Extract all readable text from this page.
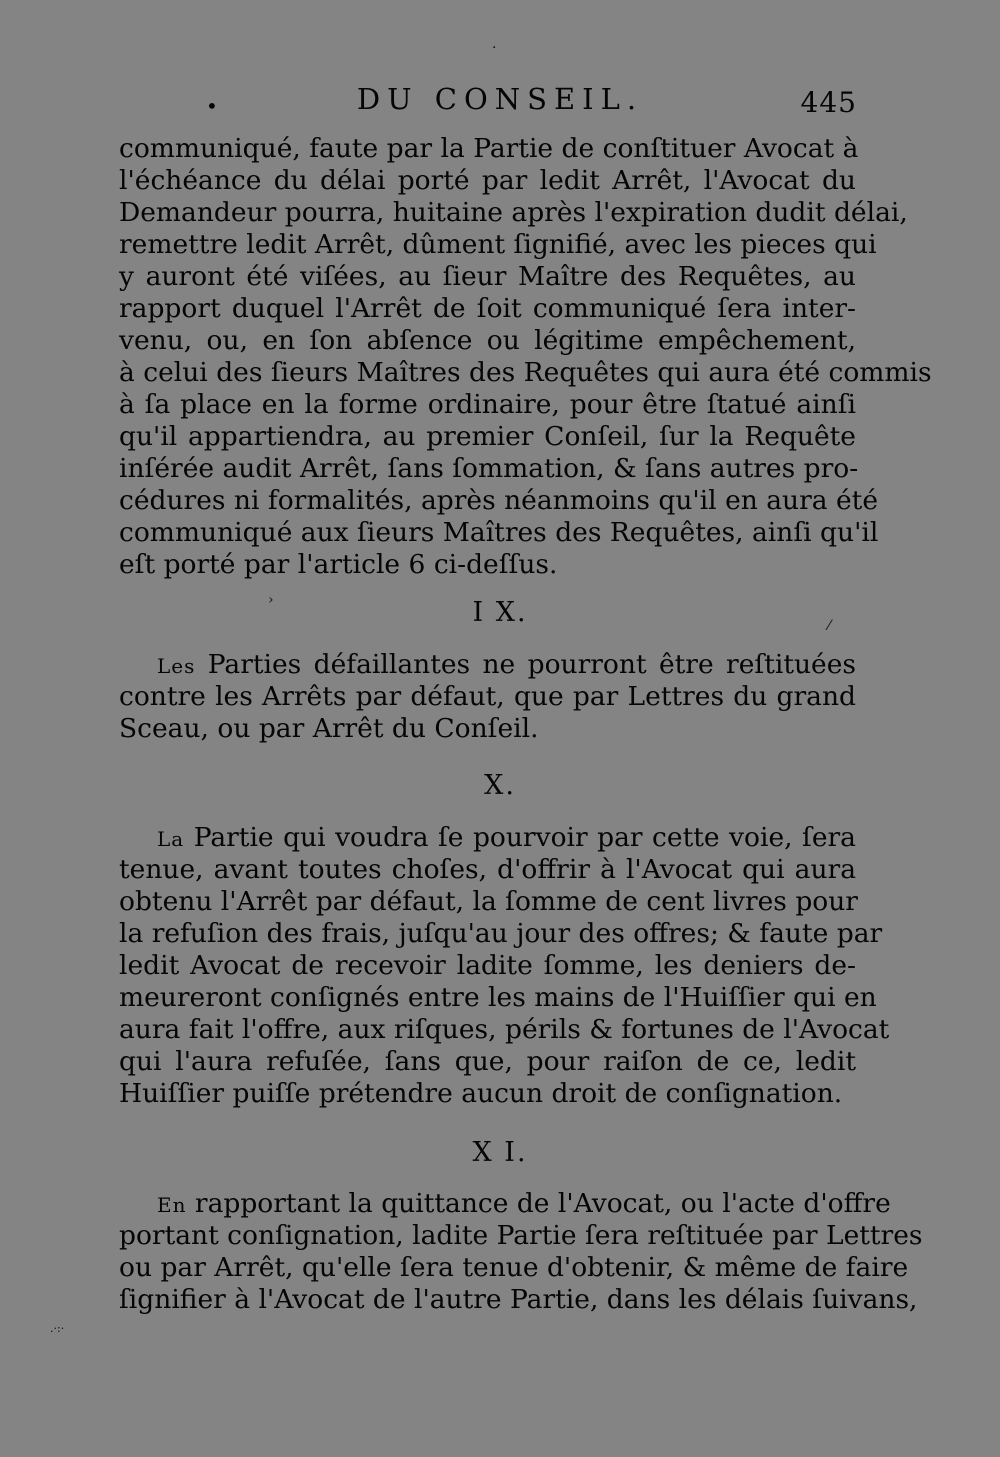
•	DU CONSEIL.	445
·
communiqué, faute par la Partie de conſtituer Avocat à
l'échéance du délai porté par ledit Arrêt, l'Avocat du
Demandeur pourra, huitaine après l'expiration dudit délai,
remettre ledit Arrêt, dûment ſignifié, avec les pieces qui
y auront été viſées, au ſieur Maître des Requêtes, au
rapport duquel l'Arrêt de ſoit communiqué ſera inter-
venu, ou, en ſon abſence ou légitime empêchement,
à celui des ſieurs Maîtres des Requêtes qui aura été commis
à ſa place en la forme ordinaire, pour être ſtatué ainſi
qu'il appartiendra, au premier Conſeil, ſur la Requête
inſérée audit Arrêt, ſans ſommation, & ſans autres pro-
cédures ni formalités, après néanmoins qu'il en aura été
communiqué aux ſieurs Maîtres des Requêtes, ainſi qu'il
eſt porté par l'article 6 ci-deſſus.
›	I X.	⁄
Les Parties défaillantes ne pourront être reſtituées
contre les Arrêts par défaut, que par Lettres du grand
Sceau, ou par Arrêt du Conſeil.
X.
La Partie qui voudra ſe pourvoir par cette voie, ſera
tenue, avant toutes choſes, d'offrir à l'Avocat qui aura
obtenu l'Arrêt par défaut, la ſomme de cent livres pour
la refuſion des frais, juſqu'au jour des offres; & faute par
ledit Avocat de recevoir ladite ſomme, les deniers de-
meureront conſignés entre les mains de l'Huiſſier qui en
aura fait l'offre, aux riſques, périls & fortunes de l'Avocat
qui l'aura refuſée, ſans que, pour raiſon de ce, ledit
Huiſſier puiſſe prétendre aucun droit de conſignation.
X I.
En rapportant la quittance de l'Avocat, ou l'acte d'offre
portant conſignation, ladite Partie ſera reſtituée par Lettres
ou par Arrêt, qu'elle ſera tenue d'obtenir, & même de faire
ſignifier à l'Avocat de l'autre Partie, dans les délais ſuivans,
.·:·
